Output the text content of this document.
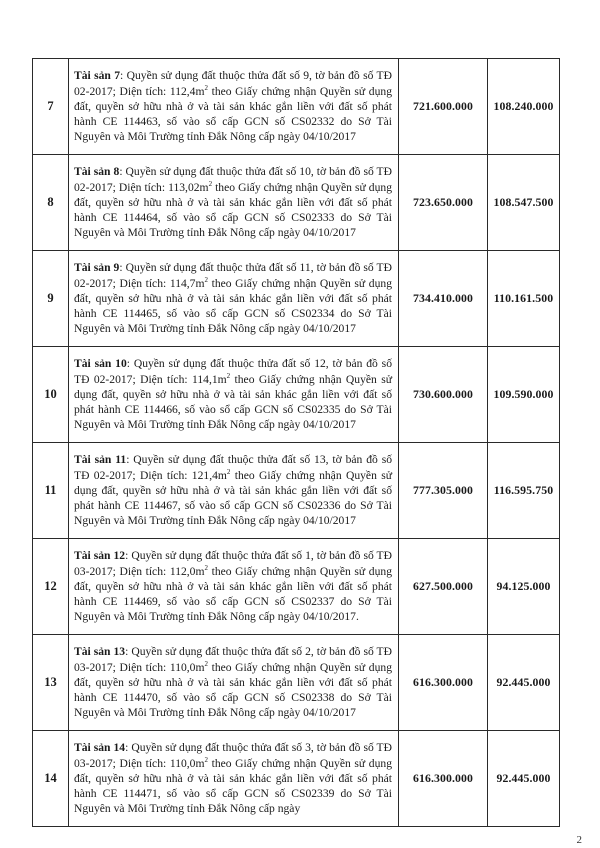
7	Tài sản 7: Quyền sử dụng đất thuộc thửa đất số 9, tờ bản đồ số TĐ 02-2017; Diện tích: $112,4m^2$ theo Giấy chứng nhận Quyền sử dụng đất, quyền sở hữu nhà ở và tài sản khác gắn liền với đất số phát hành CE 114463, số vào sổ cấp GCN số CS02332 do Sở Tài Nguyên và Môi Trường tỉnh Đắk Nông cấp ngày 04/10/2017	721.600.000	108.240.000
8	Tài sản 8: Quyền sử dụng đất thuộc thửa đất số 10, tờ bản đồ số TĐ 02-2017; Diện tích: $113,02m^2$ theo Giấy chứng nhận Quyền sử dụng đất, quyền sở hữu nhà ở và tài sản khác gắn liền với đất số phát hành CE 114464, số vào sổ cấp GCN số CS02333 do Sở Tài Nguyên và Môi Trường tỉnh Đắk Nông cấp ngày 04/10/2017	723.650.000	108.547.500
9	Tài sản 9: Quyền sử dụng đất thuộc thửa đất số 11, tờ bản đồ số TĐ 02-2017; Diện tích: $114,7m^2$ theo Giấy chứng nhận Quyền sử dụng đất, quyền sở hữu nhà ở và tài sản khác gắn liền với đất số phát hành CE 114465, số vào sổ cấp GCN số CS02334 do Sở Tài Nguyên và Môi Trường tỉnh Đắk Nông cấp ngày 04/10/2017	734.410.000	110.161.500
10	Tài sản 10: Quyền sử dụng đất thuộc thửa đất số 12, tờ bản đồ số TĐ 02-2017; Diện tích: $114,1m^2$ theo Giấy chứng nhận Quyền sử dụng đất, quyền sở hữu nhà ở và tài sản khác gắn liền với đất số phát hành CE 114466, số vào sổ cấp GCN số CS02335 do Sở Tài Nguyên và Môi Trường tỉnh Đắk Nông cấp ngày 04/10/2017	730.600.000	109.590.000
11	Tài sản 11: Quyền sử dụng đất thuộc thửa đất số 13, tờ bản đồ số TĐ 02-2017; Diện tích: $121,4m^2$ theo Giấy chứng nhận Quyền sử dụng đất, quyền sở hữu nhà ở và tài sản khác gắn liền với đất số phát hành CE 114467, số vào sổ cấp GCN số CS02336 do Sở Tài Nguyên và Môi Trường tỉnh Đắk Nông cấp ngày 04/10/2017	777.305.000	116.595.750
12	Tài sản 12: Quyền sử dụng đất thuộc thửa đất số 1, tờ bản đồ số TĐ 03-2017; Diện tích: $112,0m^2$ theo Giấy chứng nhận Quyền sử dụng đất, quyền sở hữu nhà ở và tài sản khác gắn liền với đất số phát hành CE 114469, số vào sổ cấp GCN số CS02337 do Sở Tài Nguyên và Môi Trường tỉnh Đắk Nông cấp ngày 04/10/2017.	627.500.000	94.125.000
13	Tài sản 13: Quyền sử dụng đất thuộc thửa đất số 2, tờ bản đồ số TĐ 03-2017; Diện tích: $110,0m^2$ theo Giấy chứng nhận Quyền sử dụng đất, quyền sở hữu nhà ở và tài sản khác gắn liền với đất số phát hành CE 114470, số vào sổ cấp GCN số CS02338 do Sở Tài Nguyên và Môi Trường tỉnh Đắk Nông cấp ngày 04/10/2017	616.300.000	92.445.000
14	Tài sản 14: Quyền sử dụng đất thuộc thửa đất số 3, tờ bản đồ số TĐ 03-2017; Diện tích: $110,0m^2$ theo Giấy chứng nhận Quyền sử dụng đất, quyền sở hữu nhà ở và tài sản khác gắn liền với đất số phát hành CE 114471, số vào sổ cấp GCN số CS02339 do Sở Tài Nguyên và Môi Trường tỉnh Đắk Nông cấp ngày	616.300.000	92.445.000
2
